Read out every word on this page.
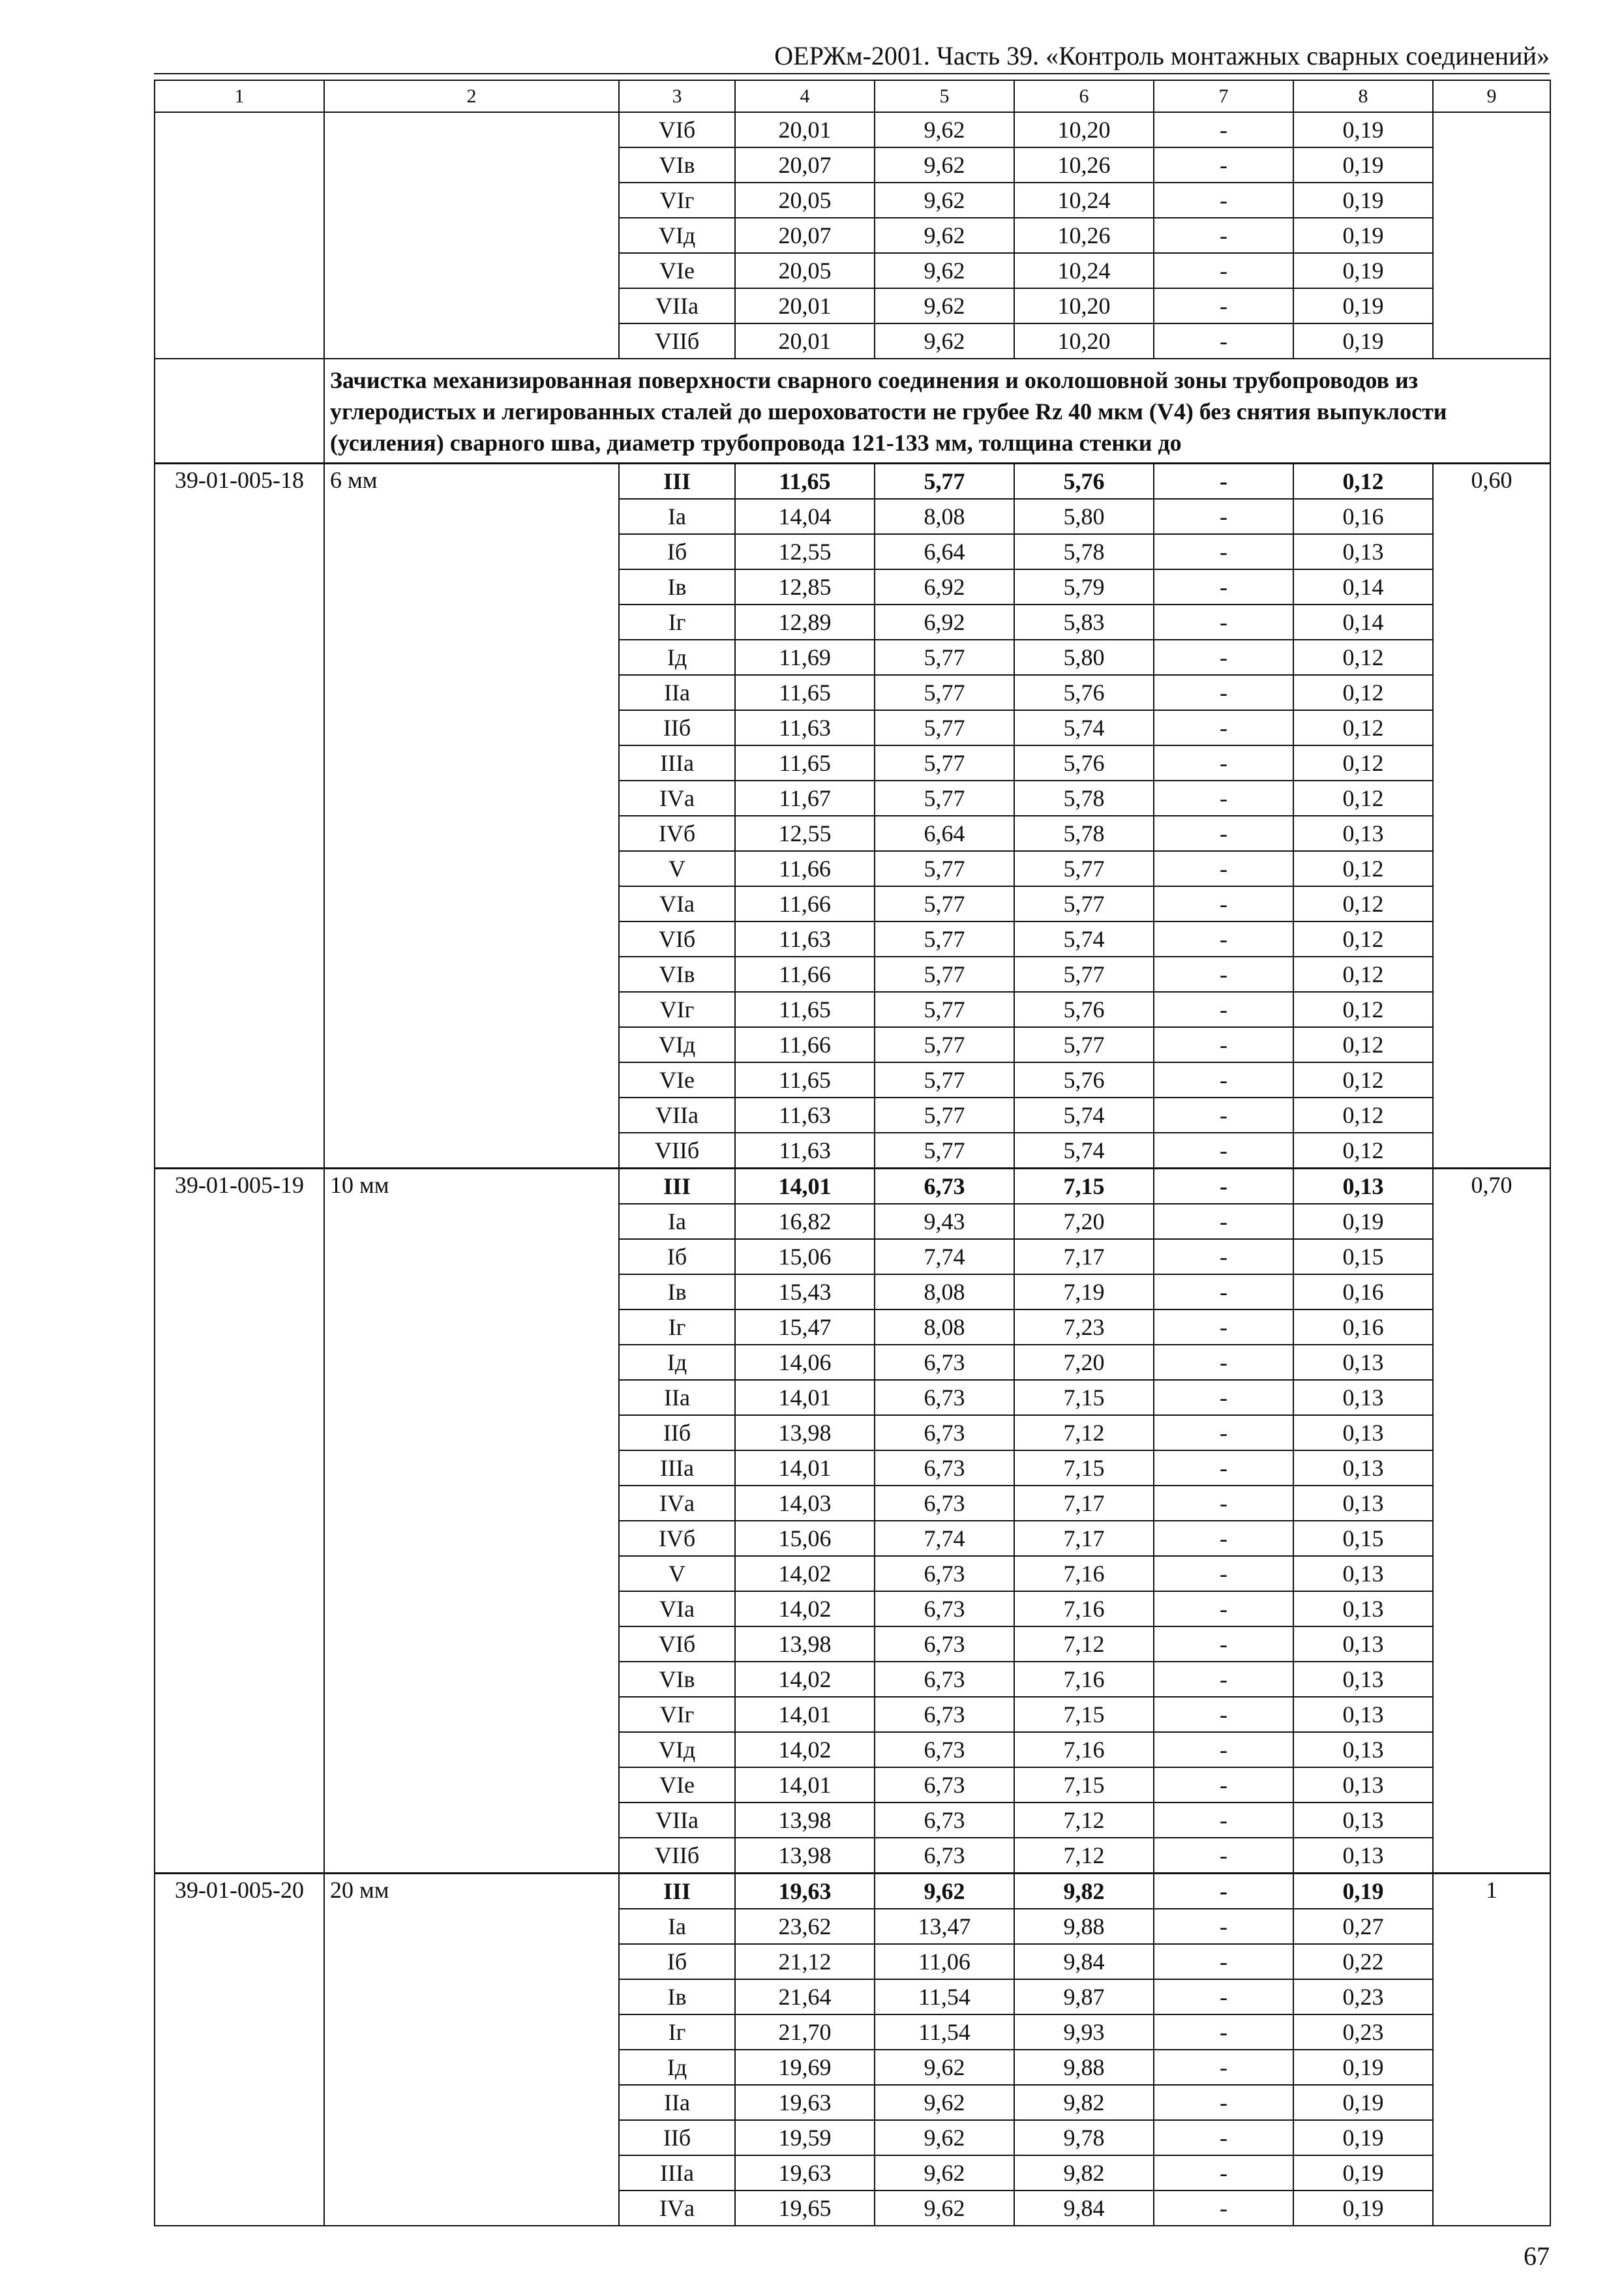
ОЕРЖм-2001. Часть 39. «Контроль монтажных сварных соединений»
1	2	3	4	5	6	7	8	9
		VIб	20,01	9,62	10,20	-	0,19	
		VIв	20,07	9,62	10,26	-	0,19	
		VIг	20,05	9,62	10,24	-	0,19	
		VIд	20,07	9,62	10,26	-	0,19	
		VIе	20,05	9,62	10,24	-	0,19	
		VIIа	20,01	9,62	10,20	-	0,19	
		VIIб	20,01	9,62	10,20	-	0,19	
	Зачистка механизированная поверхности сварного соединения и околошовной зоны трубопроводов из углеродистых и легированных сталей до шероховатости не грубее Rz 40 мкм (V4) без снятия выпуклости (усиления) сварного шва, диаметр трубопровода 121-133 мм, толщина стенки до							
39-01-005-18	6 мм	III	11,65	5,77	5,76	-	0,12	0,60
		Iа	14,04	8,08	5,80	-	0,16	
		Iб	12,55	6,64	5,78	-	0,13	
		Iв	12,85	6,92	5,79	-	0,14	
		Iг	12,89	6,92	5,83	-	0,14	
		Iд	11,69	5,77	5,80	-	0,12	
		IIа	11,65	5,77	5,76	-	0,12	
		IIб	11,63	5,77	5,74	-	0,12	
		IIIа	11,65	5,77	5,76	-	0,12	
		IVа	11,67	5,77	5,78	-	0,12	
		IVб	12,55	6,64	5,78	-	0,13	
		V	11,66	5,77	5,77	-	0,12	
		VIа	11,66	5,77	5,77	-	0,12	
		VIб	11,63	5,77	5,74	-	0,12	
		VIв	11,66	5,77	5,77	-	0,12	
		VIг	11,65	5,77	5,76	-	0,12	
		VIд	11,66	5,77	5,77	-	0,12	
		VIе	11,65	5,77	5,76	-	0,12	
		VIIа	11,63	5,77	5,74	-	0,12	
		VIIб	11,63	5,77	5,74	-	0,12	
39-01-005-19	10 мм	III	14,01	6,73	7,15	-	0,13	0,70
		Iа	16,82	9,43	7,20	-	0,19	
		Iб	15,06	7,74	7,17	-	0,15	
		Iв	15,43	8,08	7,19	-	0,16	
		Iг	15,47	8,08	7,23	-	0,16	
		Iд	14,06	6,73	7,20	-	0,13	
		IIа	14,01	6,73	7,15	-	0,13	
		IIб	13,98	6,73	7,12	-	0,13	
		IIIа	14,01	6,73	7,15	-	0,13	
		IVа	14,03	6,73	7,17	-	0,13	
		IVб	15,06	7,74	7,17	-	0,15	
		V	14,02	6,73	7,16	-	0,13	
		VIа	14,02	6,73	7,16	-	0,13	
		VIб	13,98	6,73	7,12	-	0,13	
		VIв	14,02	6,73	7,16	-	0,13	
		VIг	14,01	6,73	7,15	-	0,13	
		VIд	14,02	6,73	7,16	-	0,13	
		VIе	14,01	6,73	7,15	-	0,13	
		VIIа	13,98	6,73	7,12	-	0,13	
		VIIб	13,98	6,73	7,12	-	0,13	
39-01-005-20	20 мм	III	19,63	9,62	9,82	-	0,19	1
		Iа	23,62	13,47	9,88	-	0,27	
		Iб	21,12	11,06	9,84	-	0,22	
		Iв	21,64	11,54	9,87	-	0,23	
		Iг	21,70	11,54	9,93	-	0,23	
		Iд	19,69	9,62	9,88	-	0,19	
		IIа	19,63	9,62	9,82	-	0,19	
		IIб	19,59	9,62	9,78	-	0,19	
		IIIа	19,63	9,62	9,82	-	0,19	
		IVа	19,65	9,62	9,84	-	0,19	
67
